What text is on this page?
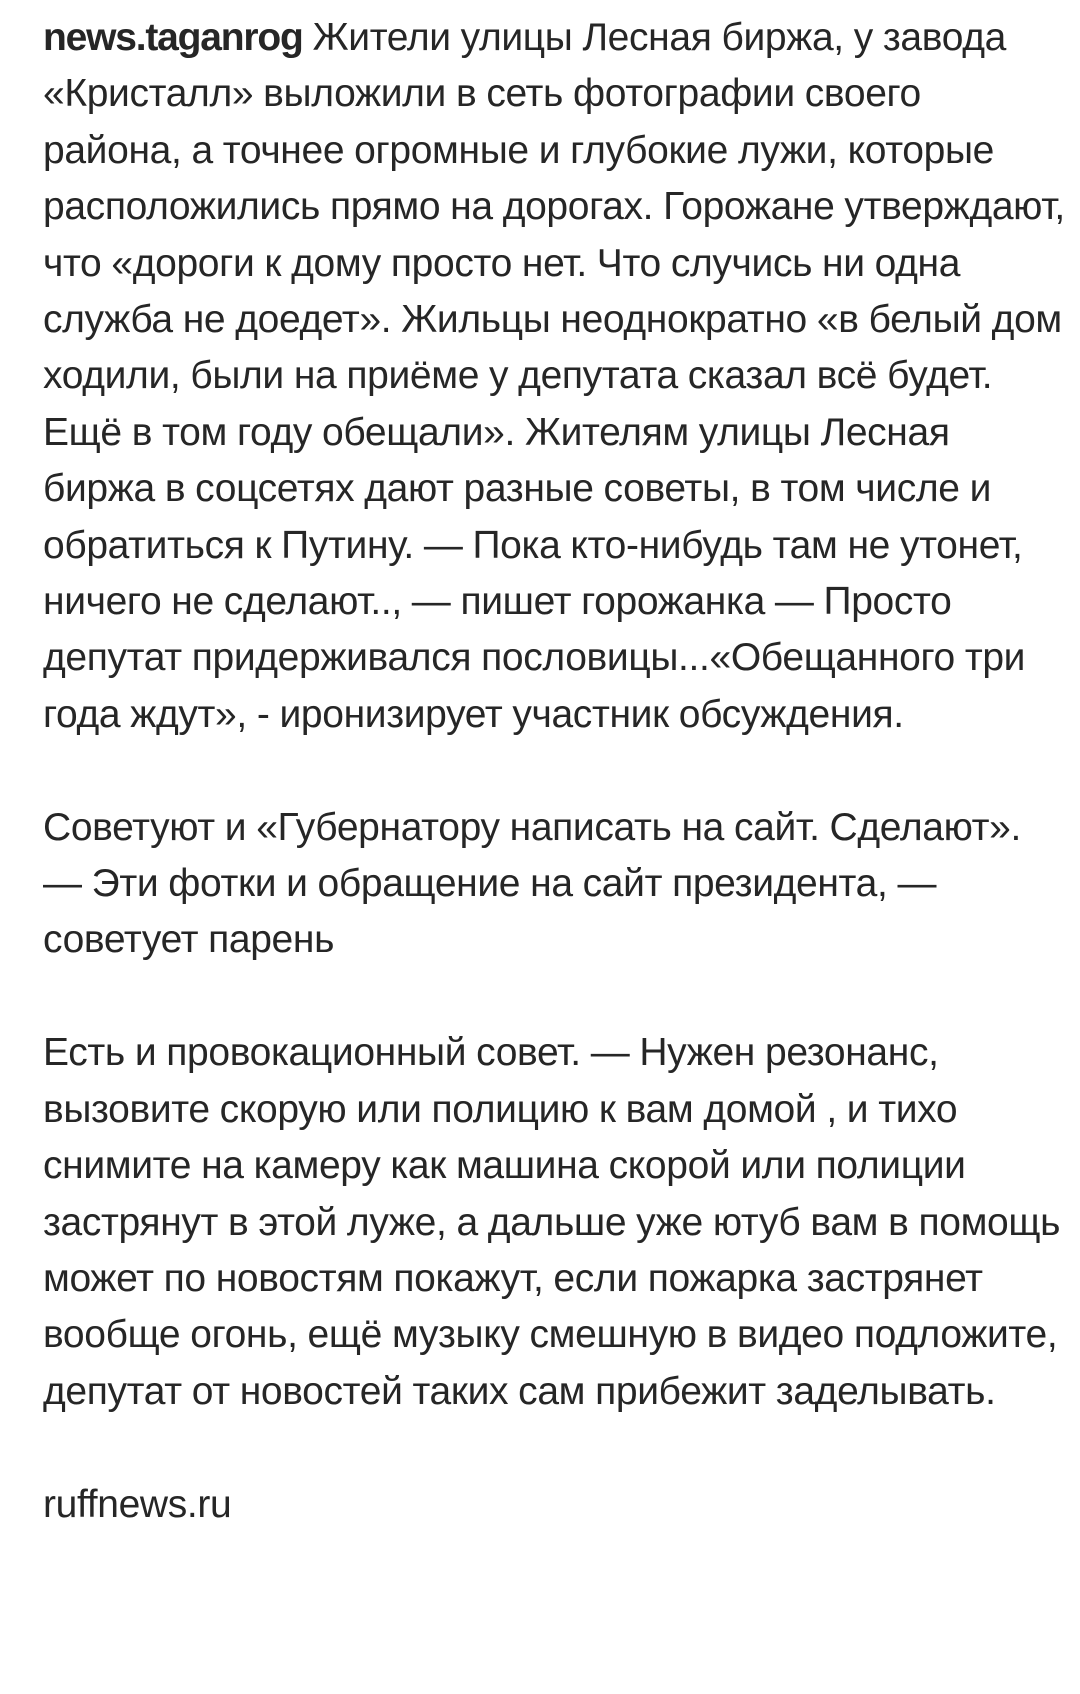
news.taganrog Жители улицы Лесная биржа, у завода «Кристалл» выложили в сеть фотографии своего района, а точнее огромные и глубокие лужи, которые расположились прямо на дорогах. Горожане утверждают, что «дороги к дому просто нет. Что случись ни одна служба не доедет». Жильцы неоднократно «в белый дом ходили, были на приёме у депутата сказал всё будет. Ещё в том году обещали». Жителям улицы Лесная биржа в соцсетях дают разные советы, в том числе и обратиться к Путину. — Пока кто-нибудь там не утонет, ничего не сделают.., — пишет горожанка — Просто депутат придерживался пословицы...«Обещанного три года ждут», - иронизирует участник обсуждения.

Советуют и «Губернатору написать на сайт. Сделают». — Эти фотки и обращение на сайт президента, — советует парень

Есть и провокационный совет. — Нужен резонанс, вызовите скорую или полицию к вам домой , и тихо снимите на камеру как машина скорой или полиции застрянут в этой луже, а дальше уже ютуб вам в помощь может по новостям покажут, если пожарка застрянет вообще огонь, ещё музыку смешную в видео подложите, депутат от новостей таких сам прибежит заделывать.

ruffnews.ru
